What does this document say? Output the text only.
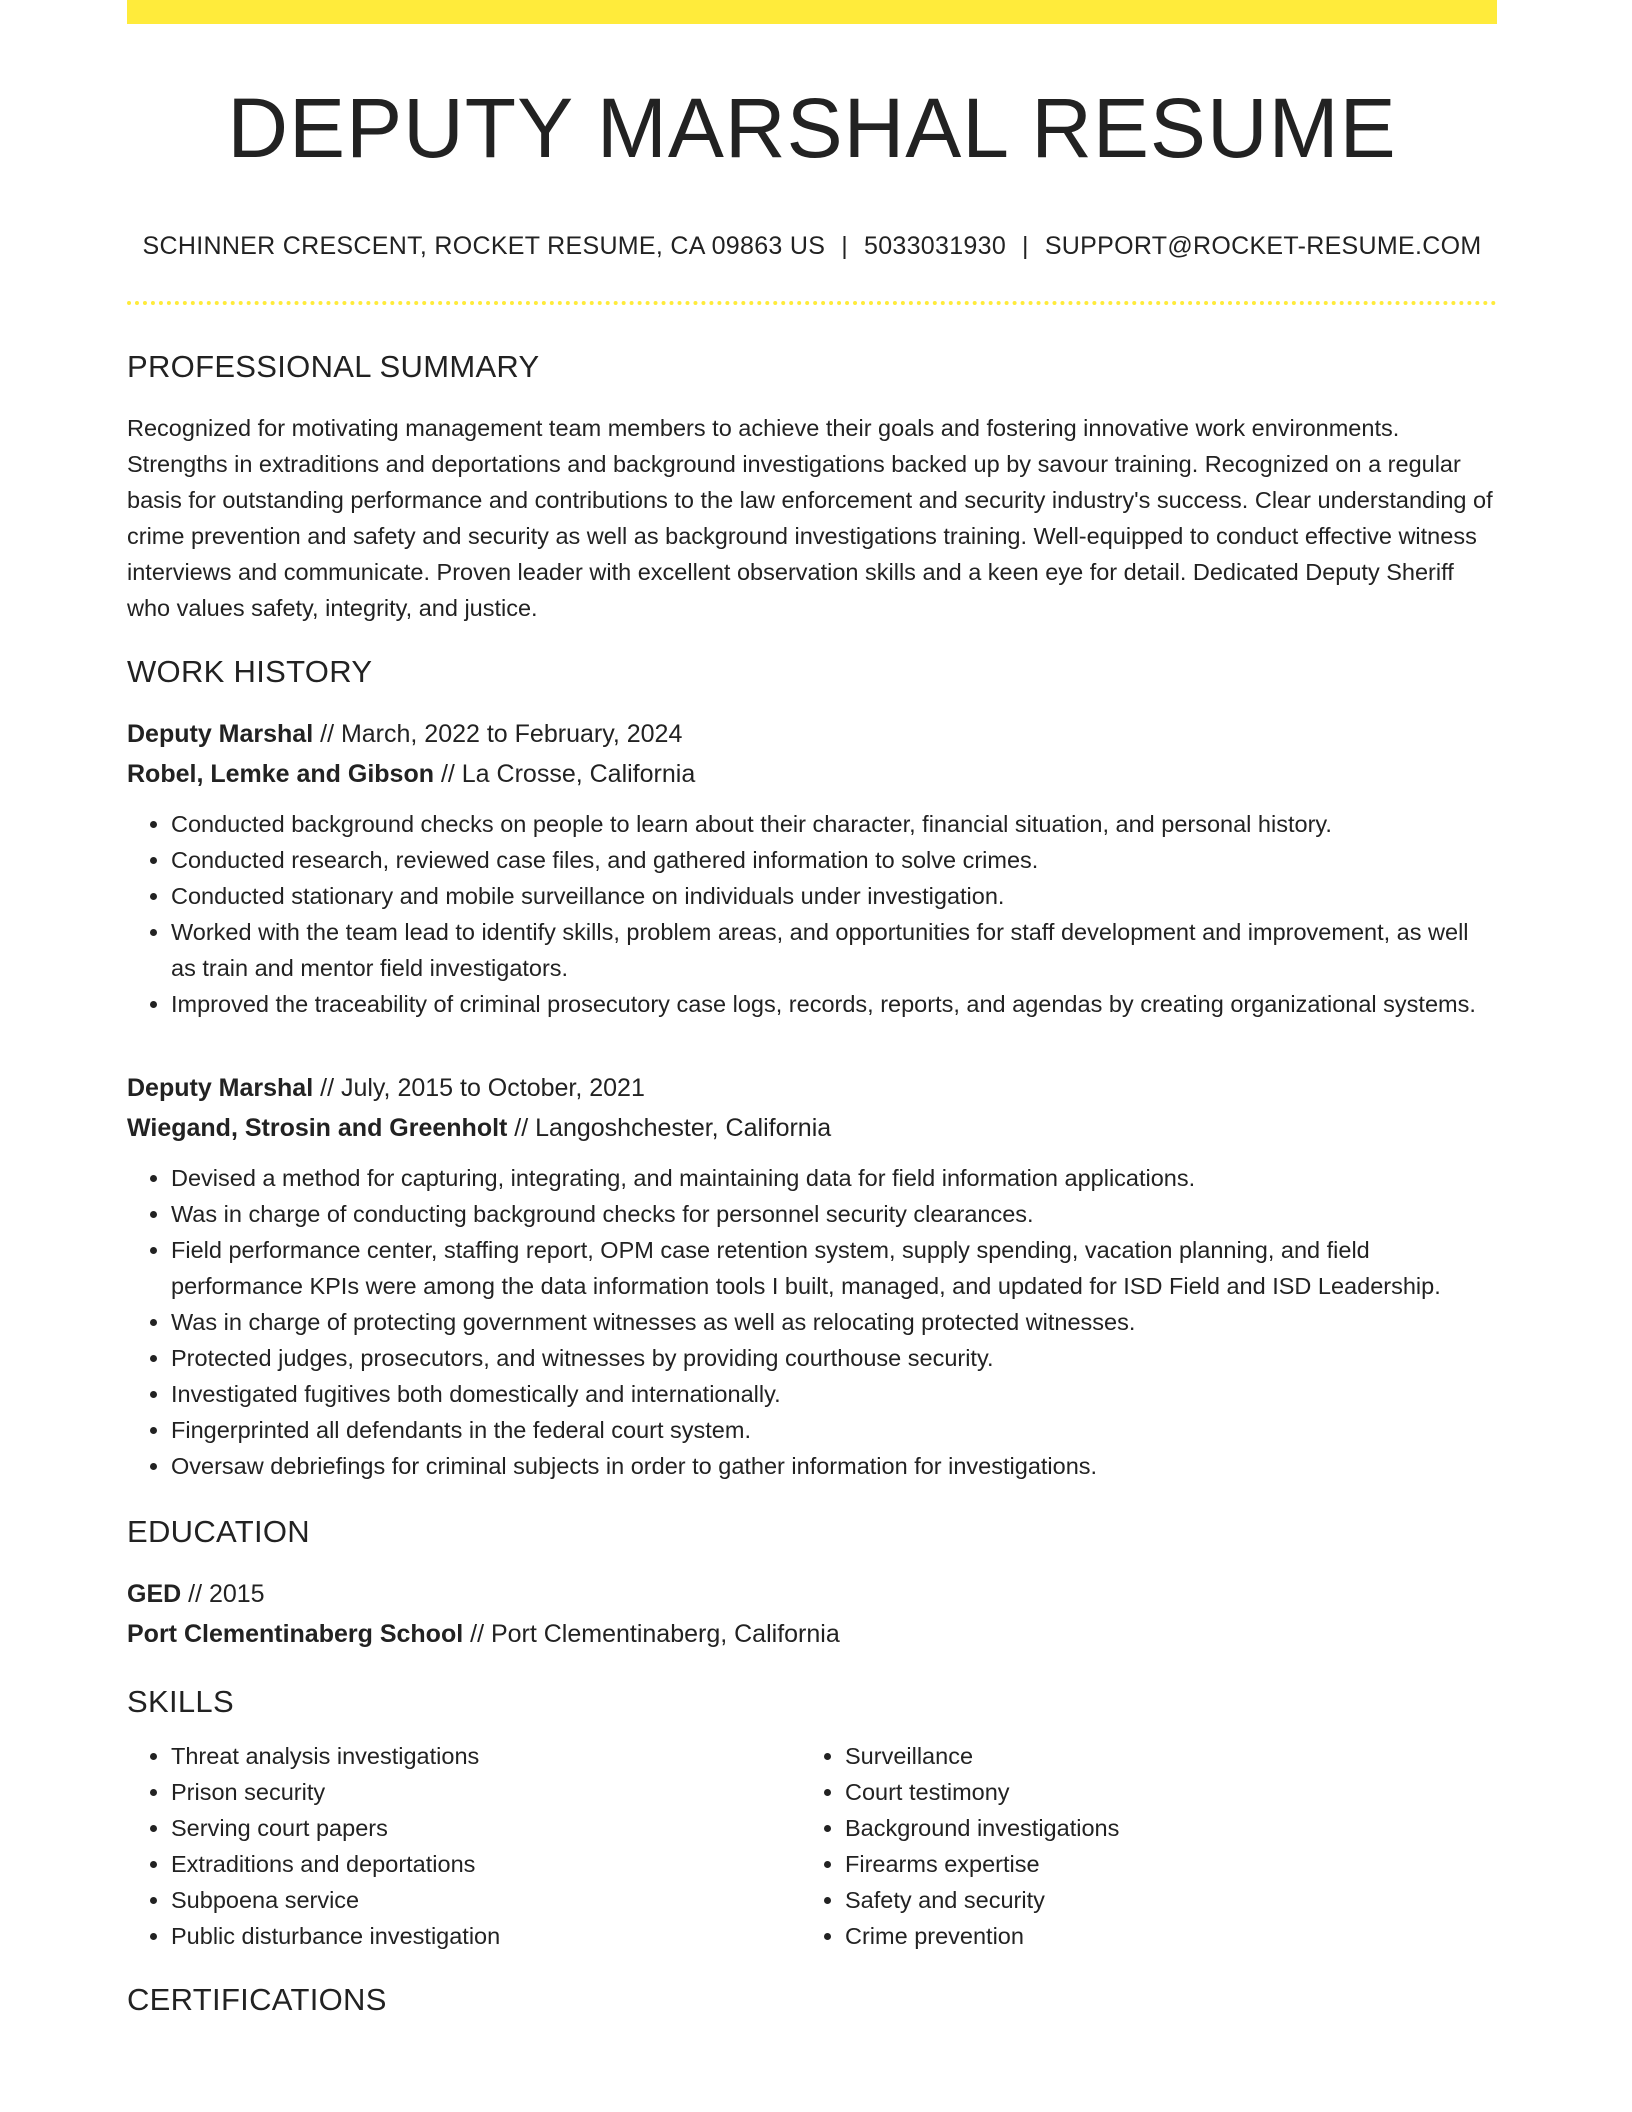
DEPUTY MARSHAL RESUME
SCHINNER CRESCENT, ROCKET RESUME, CA 09863 US | 5033031930 | SUPPORT@ROCKET-RESUME.COM
PROFESSIONAL SUMMARY

Recognized for motivating management team members to achieve their goals and fostering innovative work environments. Strengths in extraditions and deportations and background investigations backed up by savour training. Recognized on a regular basis for outstanding performance and contributions to the law enforcement and security industry's success. Clear understanding of crime prevention and safety and security as well as background investigations training. Well-equipped to conduct effective witness interviews and communicate. Proven leader with excellent observation skills and a keen eye for detail. Dedicated Deputy Sheriff who values safety, integrity, and justice.

WORK HISTORY
Deputy Marshal // March, 2022 to February, 2024
Robel, Lemke and Gibson // La Crosse, California
• Conducted background checks on people to learn about their character, financial situation, and personal history.
• Conducted research, reviewed case files, and gathered information to solve crimes.
• Conducted stationary and mobile surveillance on individuals under investigation.
• Worked with the team lead to identify skills, problem areas, and opportunities for staff development and improvement, as well as train and mentor field investigators.
• Improved the traceability of criminal prosecutory case logs, records, reports, and agendas by creating organizational systems.
Deputy Marshal // July, 2015 to October, 2021
Wiegand, Strosin and Greenholt // Langoshchester, California
• Devised a method for capturing, integrating, and maintaining data for field information applications.
• Was in charge of conducting background checks for personnel security clearances.
• Field performance center, staffing report, OPM case retention system, supply spending, vacation planning, and field performance KPIs were among the data information tools I built, managed, and updated for ISD Field and ISD Leadership.
• Was in charge of protecting government witnesses as well as relocating protected witnesses.
• Protected judges, prosecutors, and witnesses by providing courthouse security.
• Investigated fugitives both domestically and internationally.
• Fingerprinted all defendants in the federal court system.
• Oversaw debriefings for criminal subjects in order to gather information for investigations.
EDUCATION
GED // 2015
Port Clementinaberg School // Port Clementinaberg, California
SKILLS
• Threat analysis investigations
• Prison security
• Serving court papers
• Extraditions and deportations
• Subpoena service
• Public disturbance investigation
• Surveillance
• Court testimony
• Background investigations
• Firearms expertise
• Safety and security
• Crime prevention
CERTIFICATIONS
